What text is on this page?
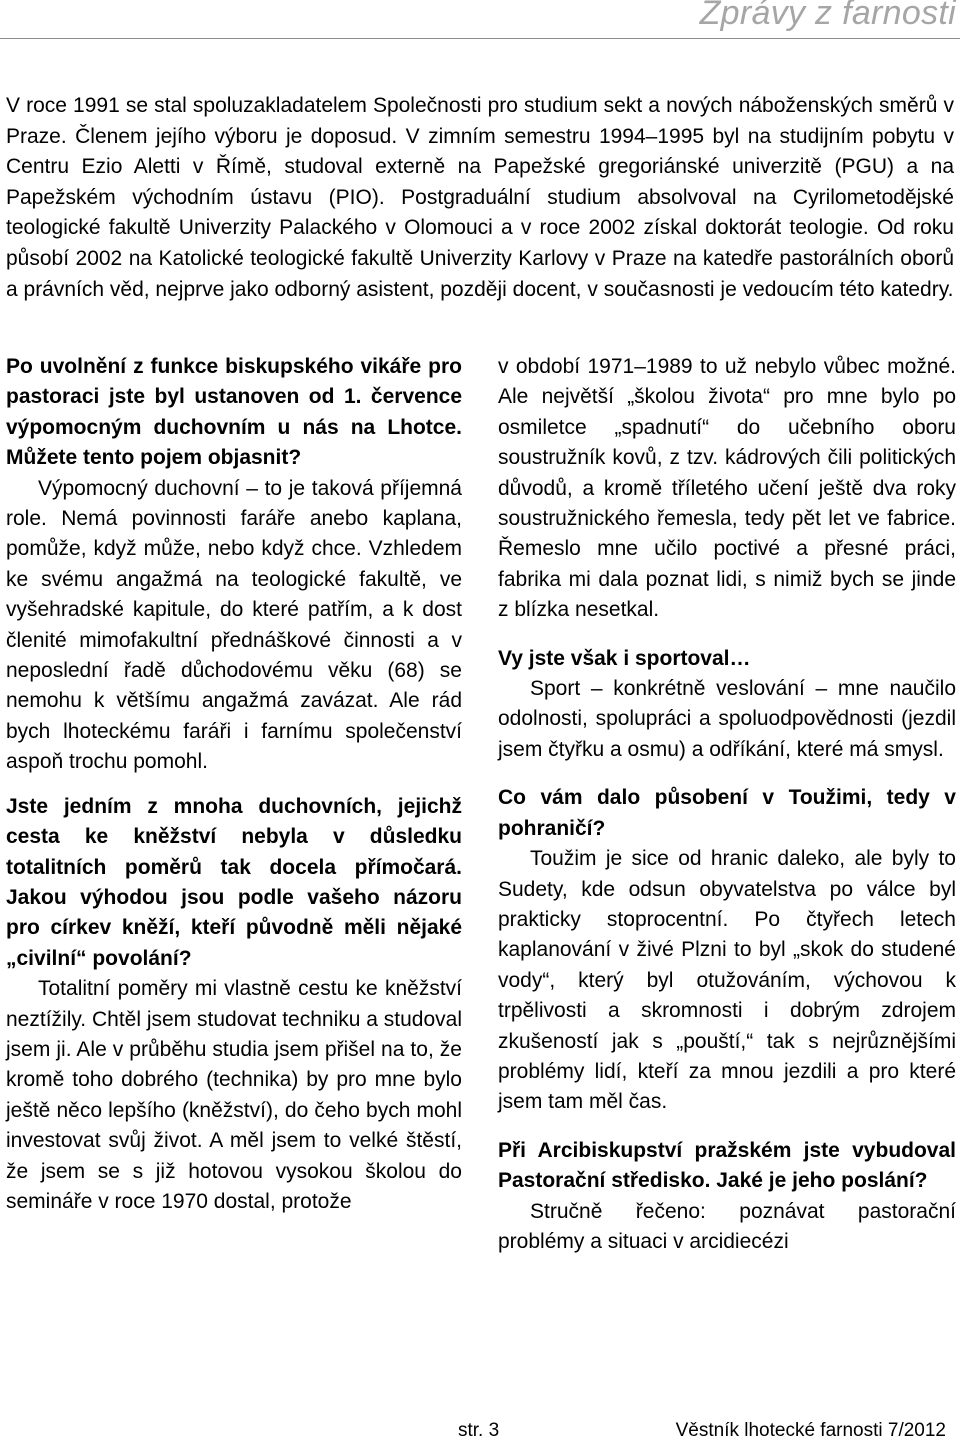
Zprávy z farnosti

V roce 1991 se stal spoluzakladatelem Společnosti pro studium sekt a nových náboženských směrů v Praze. Členem jejího výboru je doposud. V zimním semestru 1994–1995 byl na studijním pobytu v Centru Ezio Aletti v Římě, studoval externě na Papežské gregoriánské univerzitě (PGU) a na Papežském východním ústavu (PIO). Postgraduální studium absolvoval na Cyrilometodějské teologické fakultě Univerzity Palackého v Olomouci a v roce 2002 získal doktorát teologie. Od roku působí 2002 na Katolické teologické fakultě Univerzity Karlovy v Praze na katedře pastorálních oborů a právních věd, nejprve jako odborný asistent, později docent, v současnosti je vedoucím této katedry.

Po uvolnění z funkce biskupského vikáře pro pastoraci jste byl ustanoven od 1. července výpomocným duchovním u nás na Lhotce. Můžete tento pojem objasnit?

Výpomocný duchovní – to je taková příjemná role. Nemá povinnosti faráře anebo kaplana, pomůže, když může, nebo když chce. Vzhledem ke svému angažmá na teologické fakultě, ve vyšehradské kapitule, do které patřím, a k dost členité mimofakultní přednáškové činnosti a v neposlední řadě důchodovému věku (68) se nemohu k většímu angažmá zavázat. Ale rád bych lhoteckému faráři i farnímu společenství aspoň trochu pomohl.

Jste jedním z mnoha duchovních, jejichž cesta ke kněžství nebyla v důsledku totalitních poměrů tak docela přímočará. Jakou výhodou jsou podle vašeho názoru pro církev kněží, kteří původně měli nějaké „civilní“ povolání?

Totalitní poměry mi vlastně cestu ke kněžství neztížily. Chtěl jsem studovat techniku a studoval jsem ji. Ale v průběhu studia jsem přišel na to, že kromě toho dobrého (technika) by pro mne bylo ještě něco lepšího (kněžství), do čeho bych mohl investovat svůj život. A měl jsem to velké štěstí, že jsem se s již hotovou vysokou školou do semináře v roce 1970 dostal, protože

v období 1971–1989 to už nebylo vůbec možné. Ale největší „školou života“ pro mne bylo po osmiletce „spadnutí“ do učebního oboru soustružník kovů, z tzv. kádrových čili politických důvodů, a kromě tříletého učení ještě dva roky soustružnického řemesla, tedy pět let ve fabrice. Řemeslo mne učilo poctivé a přesné práci, fabrika mi dala poznat lidi, s nimiž bych se jinde z blízka nesetkal.

Vy jste však i sportoval…

Sport – konkrétně veslování – mne naučilo odolnosti, spolupráci a spoluodpovědnosti (jezdil jsem čtyřku a osmu) a odříkání, které má smysl.

Co vám dalo působení v Toužimi, tedy v pohraničí?

Toužim je sice od hranic daleko, ale byly to Sudety, kde odsun obyvatelstva po válce byl prakticky stoprocentní. Po čtyřech letech kaplanování v živé Plzni to byl „skok do studené vody“, který byl otužováním, výchovou k trpělivosti a skromnosti i dobrým zdrojem zkušeností jak s „pouští,“ tak s nejrůznějšími problémy lidí, kteří za mnou jezdili a pro které jsem tam měl čas.

Při Arcibiskupství pražském jste vybudoval Pastorační středisko. Jaké je jeho poslání?

Stručně řečeno: poznávat pastorační problémy a situaci v arcidiecézi

str. 3	Věstník lhotecké farnosti 7/2012
